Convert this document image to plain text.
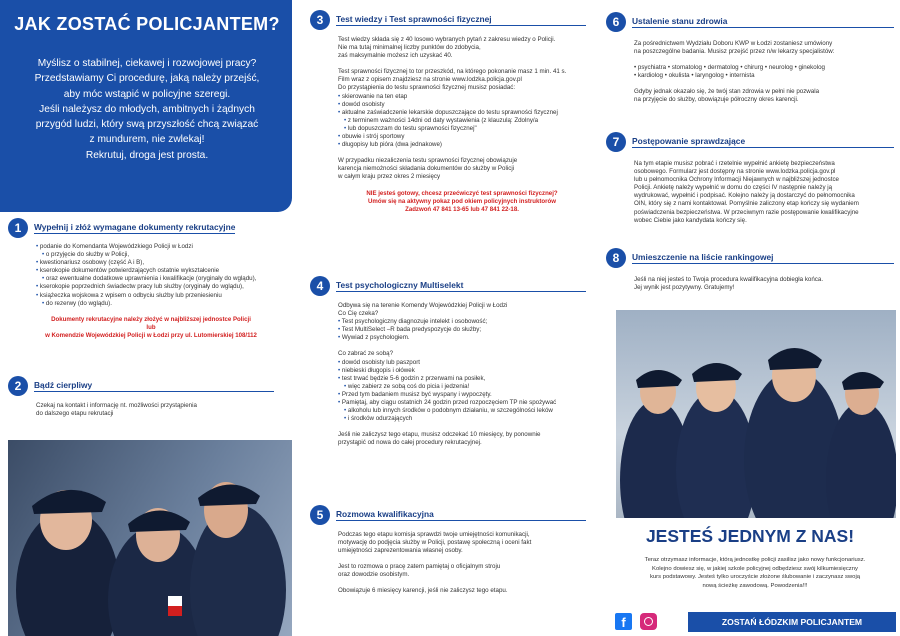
JAK ZOSTAĆ POLICJANTEM?

Myślisz o stabilnej, ciekawej i rozwojowej pracy?
Przedstawiamy Ci procedurę, jaką należy przejść,
aby móc wstąpić w policyjne szeregi.
Jeśli należysz do młodych, ambitnych i żądnych
przygód ludzi, który swą przyszłość chcą związać
z mundurem, nie zwlekaj!
Rekrutuj, droga jest prosta.

1	Wypełnij i złóż wymagane dokumenty rekrutacyjne
• • podanie do Komendanta Wojewódzkiego Policji w Łodzi
• • o przyjęcie do służby w Policji,
• • kwestionariusz osobowy (część A i B),
• • kserokopie dokumentów potwierdzających ostatnie wykształcenie
• • oraz ewentualne dodatkowe uprawnienia i kwalifikacje (oryginały do wglądu),
• • kserokopie poprzednich świadectw pracy lub służby (oryginały do wglądu),
• • książeczka wojskowa z wpisem o odbyciu służby lub przeniesieniu
• • do rezerwy (do wglądu).
Dokumenty rekrutacyjne należy złożyć w najbliższej jednostce Policji
lub
w Komendzie Wojewódzkiej Policji w Łodzi przy ul. Lutomierskiej 108/112
2	Bądź cierpliwy

Czekaj na kontakt i informację nt. możliwości przystąpienia

do dalszego etapu rekrutacji

3	Test wiedzy i Test sprawności fizycznej

Test wiedzy składa się z 40 losowo wybranych pytań z zakresu wiedzy o Policji.

Nie ma tutaj minimalnej liczby punktów do zdobycia,

zaś maksymalnie możesz ich uzyskać 40.

Test sprawności fizycznej to tor przeszkód, na którego pokonanie masz 1 min. 41 s.

Film wraz z opisem znajdziesz na stronie www.lodzka.policja.gov.pl

Do przystąpienia do testu sprawności fizycznej musisz posiadać:

• skierowanie na ten etap
• dowód osobisty
• aktualne zaświadczenie lekarskie dopuszczające do testu sprawności fizycznej
• z terminem ważności 14dni od daty wystawienia (z klauzulą: Zdolny/a
• lub dopuszczam do testu sprawności fizycznej"
• obuwie i strój sportowy
• długopisy lub pióra (dwa jednakowe)

W przypadku niezaliczenia testu sprawności fizycznej obowiązuje

karencja niemożności składania dokumentów do służby w Policji

w całym kraju przez okres 2 miesięcy

NIE jesteś gotowy, chcesz przećwiczyć test sprawności fizycznej?
Umów się na aktywny pokaz pod okiem policyjnych instruktorów
Zadzwoń 47 841 13-65 lub 47 841 22-18.
4	Test psychologiczny Multiselekt

Odbywa się na terenie Komendy Wojewódzkiej Policji w Łodzi

Co Cię czeka?

• Test psychologiczny diagnozuje intelekt i osobowość;
• Test MultiSelect –R bada predyspozycje do służby;
• Wywiad z psychologiem.

Co zabrać ze sobą?

• dowód osobisty lub paszport
• niebieski długopis i ołówek
• test trwać będzie 5-6 godzin z przerwami na posiłek,
• więc zabierz ze sobą coś do picia i jedzenia!
• Przed tym badaniem musisz być wyspany i wypoczęty.
• Pamiętaj, aby ciągu ostatnich 24 godzin przed rozpoczęciem TP nie spożywać
• alkoholu lub innych środków o podobnym działaniu, w szczególności leków
• i środków odurzających

Jeśli nie zaliczysz tego etapu, musisz odczekać 10 miesięcy, by ponownie

przystąpić od nowa do całej procedury rekrutacyjnej.

5	Rozmowa kwalifikacyjna

Podczas tego etapu komisja sprawdzi twoje umiejętności komunikacji,

motywację do podjęcia służby w Policji, postawę społeczną i oceni fakt

umiejętności zaprezentowania własnej osoby.

Jest to rozmowa o pracę zatem pamiętaj o oficjalnym stroju

oraz dowodzie osobistym.

Obowiązuje 6 miesięcy karencji, jeśli nie zaliczysz tego etapu.

6	Ustalenie stanu zdrowia

Za pośrednictwem Wydziału Doboru KWP w Łodzi zostaniesz umówiony

na poszczególne badania. Musisz przejść przez n/w lekarzy specjalistów:

• psychiatra • stomatolog • dermatolog • chirurg • neurolog • ginekolog
• kardiolog • okulista • laryngolog • internista

Gdyby jednak okazało się, że twój stan zdrowia w pełni nie pozwala

na przyjęcie do służby, obowiązuje półroczny okres karencji.

7	Postępowanie sprawdzające

Na tym etapie musisz pobrać i rzetelnie wypełnić ankietę bezpieczeństwa

osobowego. Formularz jest dostępny na stronie www.lodzka.policja.gov.pl

lub u pełnomocnika Ochrony Informacji Niejawnych w najbliższej jednostce

Policji. Ankietę należy wypełnić w domu do części IV następnie należy ją

wydrukować, wypełnić i podpisać. Kolejno należy ją dostarczyć do pełnomocnika

OIN, który się z nami kontaktował. Pomyślnie zaliczony etap kończy się wydaniem

poświadczenia bezpieczeństwa. W przeciwnym razie postępowanie kwalifikacyjne

wobec Ciebie jako kandydata kończy się.

8	Umieszczenie na liście rankingowej

Jeśli na niej jesteś to Twoja procedura kwalifikacyjna dobiegła końca.

Jej wynik jest pozytywny. Gratujemy!

JESTEŚ JEDNYM Z NAS!

Teraz otrzymasz informacje, którą jednostkę policji zasilisz jako nowy funkcjonariusz.

Kolejno dowiesz się, w jakiej szkole policyjnej odbędziesz swój kilkumiesięczny

kurs podstawowy. Jesteś tylko uroczyście złożone ślubowanie i zaczynasz swoją

nową ścieżkę zawodową. Powodzenia!!!

f	ZOSTAŃ ŁÓDZKIM POLICJANTEM
